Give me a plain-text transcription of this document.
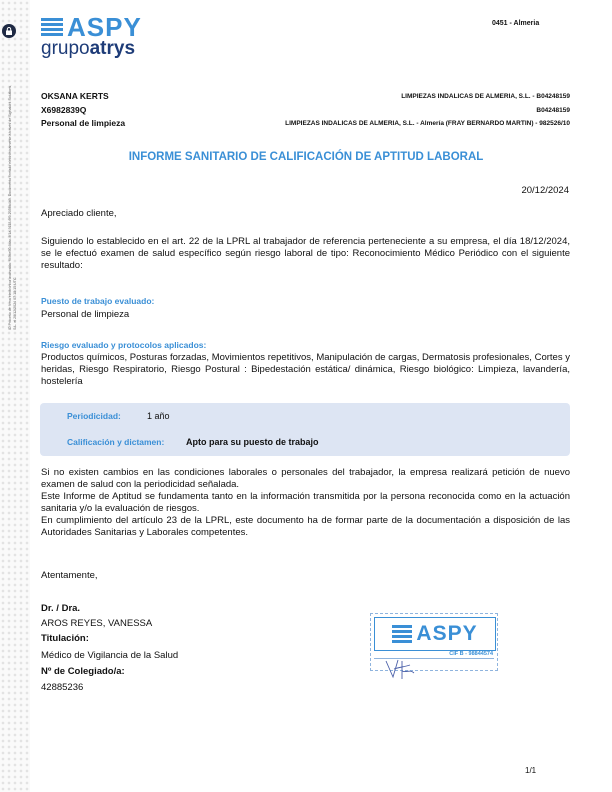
ID Proceso de firma electrónica avanzada: ff49ce50-6cac-4f1a-9118-6f9-2056b4a9. Documento firmado electrónicamente a través de Signaturit Solutions, S.L. el 20/12/2024 07:18:15 UTC
ASPY
grupoatrys
0451 - Almeria
OKSANA KERTS
X6982839Q
Personal de limpieza
LIMPIEZAS INDALICAS DE ALMERIA, S.L. - B04248159
B04248159
LIMPIEZAS INDALICAS DE ALMERIA, S.L. - Almería (FRAY BERNARDO MARTIN) - 982526/10
INFORME SANITARIO DE CALIFICACIÓN DE APTITUD LABORAL
20/12/2024
Apreciado cliente,
Siguiendo lo establecido en el art. 22 de la LPRL al trabajador de referencia perteneciente a su empresa, el día 18/12/2024, se le efectuó examen de salud específico según riesgo laboral de tipo: Reconocimiento Médico Periódico con el siguiente resultado:
Puesto de trabajo evaluado:
Personal de limpieza
Riesgo evaluado y protocolos aplicados:
Productos químicos, Posturas forzadas, Movimientos repetitivos, Manipulación de cargas, Dermatosis profesionales, Cortes y heridas, Riesgo Respiratorio, Riesgo Postural : Bipedestación estática/ dinámica, Riesgo biológico: Limpieza, lavandería, hostelería
Periodicidad:	1 año
Calificación y dictamen: Apto para su puesto de trabajo
Si no existen cambios en las condiciones laborales o personales del trabajador, la empresa realizará petición de nuevo examen de salud con la periodicidad señalada.
Este Informe de Aptitud se fundamenta tanto en la información transmitida por la persona reconocida como en la actuación sanitaria y/o la evaluación de riesgos.
En cumplimiento del artículo 23 de la LPRL, este documento ha de formar parte de la documentación a disposición de las Autoridades Sanitarias y Laborales competentes.
Atentamente,
Dr. / Dra.
AROS REYES, VANESSA
Titulación:
Médico de Vigilancia de la Salud
Nº de Colegiado/a:
42885236
ASPY
CIF B - 98844574
1/1
